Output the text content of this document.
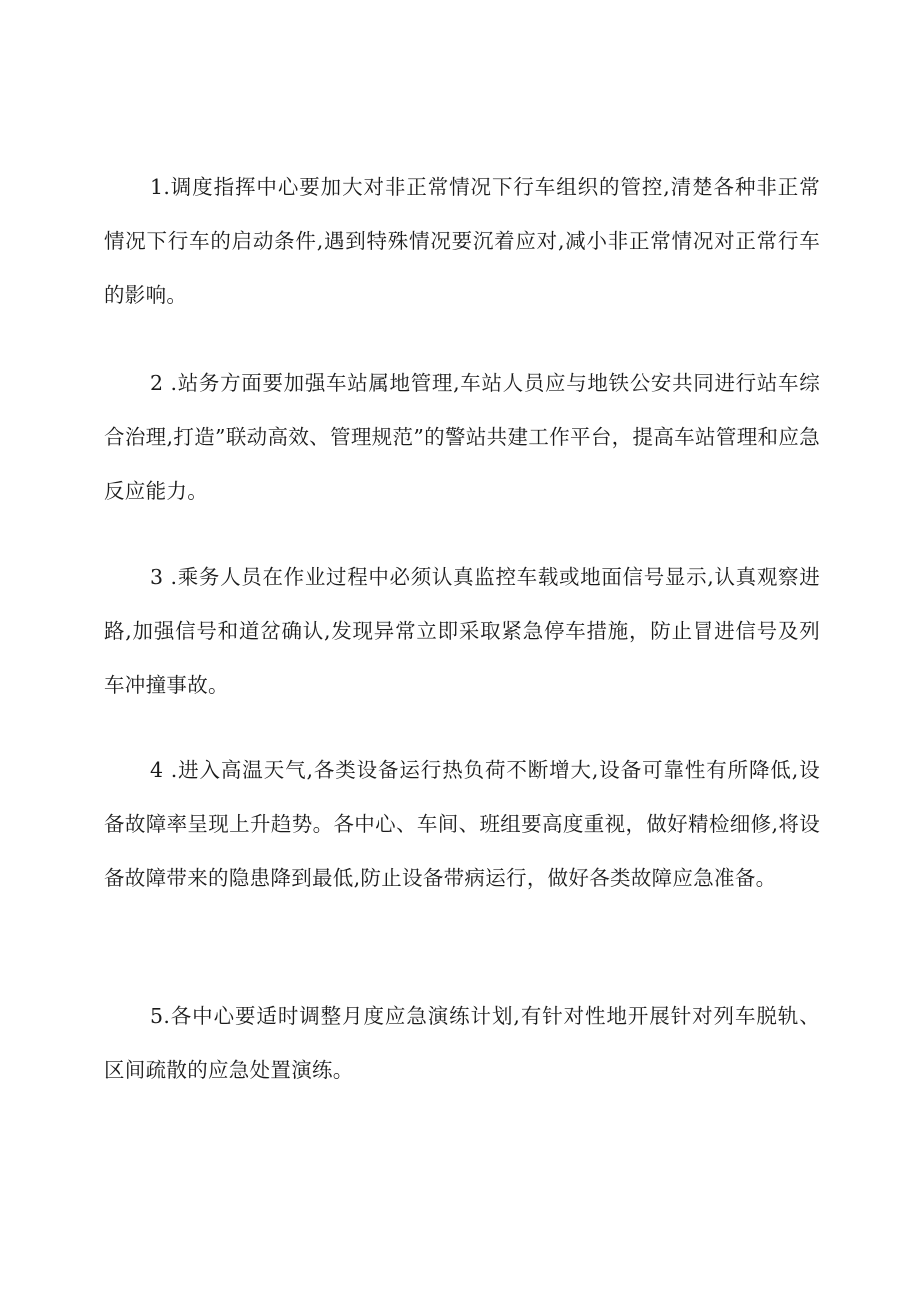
1.调度指挥中心要加大对非正常情况下行车组织的管控,清楚各种非正常情况下行车的启动条件,遇到特殊情况要沉着应对,减小非正常情况对正常行车的影响。

2 .站务方面要加强车站属地管理,车站人员应与地铁公安共同进行站车综合治理,打造”联动高效、管理规范”的警站共建工作平台，提高车站管理和应急反应能力。

3 .乘务人员在作业过程中必须认真监控车载或地面信号显示,认真观察进路,加强信号和道岔确认,发现异常立即采取紧急停车措施，防止冒进信号及列车冲撞事故。

4 .进入高温天气,各类设备运行热负荷不断增大,设备可靠性有所降低,设备故障率呈现上升趋势。各中心、车间、班组要高度重视，做好精检细修,将设备故障带来的隐患降到最低,防止设备带病运行，做好各类故障应急准备。

5.各中心要适时调整月度应急演练计划,有针对性地开展针对列车脱轨、区间疏散的应急处置演练。
